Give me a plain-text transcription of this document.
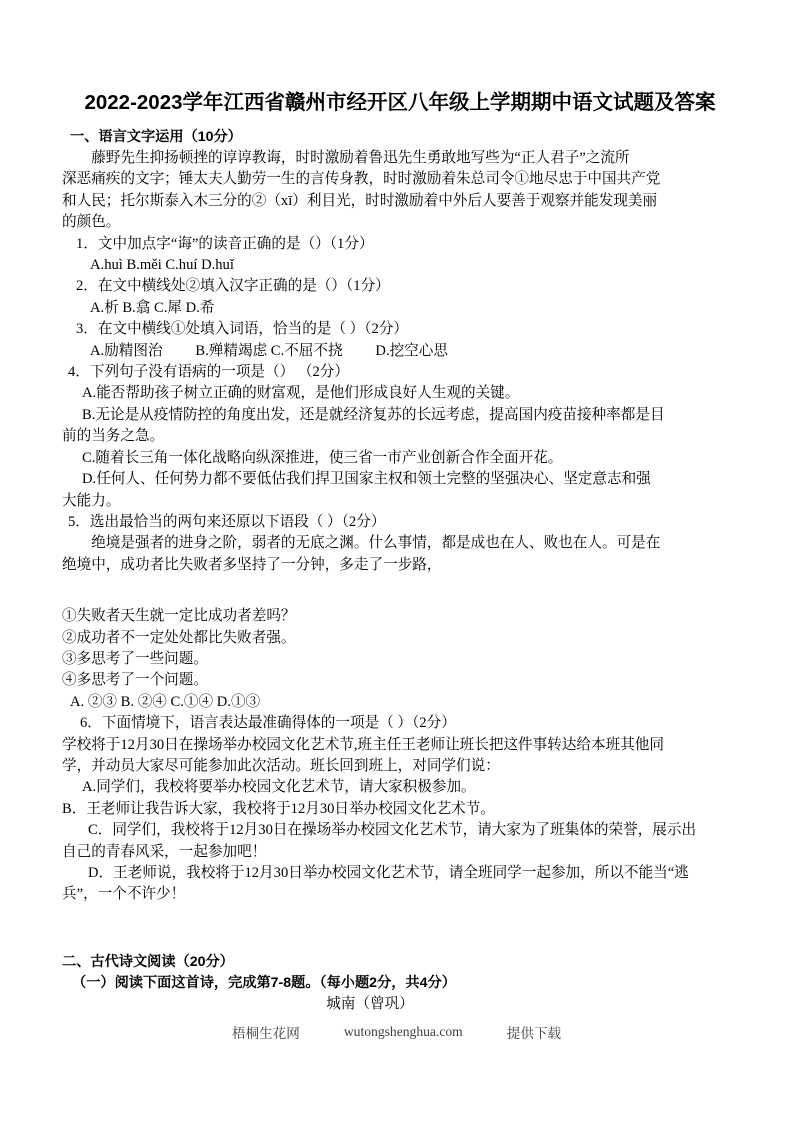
2022-2023学年江西省赣州市经开区八年级上学期期中语文试题及答案
一、语言文字运用（10分）

藤野先生抑扬顿挫的谆谆教诲，时时激励着鲁迅先生勇敢地写些为“正人君子”之流所

深恶痛疾的文字；锤太夫人勤劳一生的言传身教，时时激励着朱总司令①地尽忠于中国共产党

和人民；托尔斯泰入木三分的②（xī）利目光，时时激励着中外后人要善于观察并能发现美丽

的颜色。

1．文中加点字“诲”的读音正确的是（）（1分）

A.huì B.měi C.huí D.huǐ

2．在文中横线处②填入汉字正确的是（）（1分）

A.析 B.翕 C.犀 D.希

3．在文中横线①处填入词语，恰当的是（ ）（2分）

A.励精图治　　 B.殚精竭虑 C.不屈不挠　　 D.挖空心思

4．下列句子没有语病的一项是（） （2分）

A.能否帮助孩子树立正确的财富观，是他们形成良好人生观的关键。

B.无论是从疫情防控的角度出发，还是就经济复苏的长远考虑，提高国内疫苗接种率都是目

前的当务之急。

C.随着长三角一体化战略向纵深推进，使三省一市产业创新合作全面开花。

D.任何人、任何势力都不要低估我们捍卫国家主权和领土完整的坚强决心、坚定意志和强

大能力。

5．选出最恰当的两句来还原以下语段（ ）（2分）

绝境是强者的进身之阶，弱者的无底之渊。什么事情，都是成也在人、败也在人。可是在

绝境中，成功者比失败者多坚持了一分钟，多走了一步路，

①失败者天生就一定比成功者差吗？

②成功者不一定处处都比失败者强。

③多思考了一些问题。

④多思考了一个问题。

A. ②③ B. ②④ C.①④ D.①③

6．下面情境下，语言表达最准确得体的一项是（ ）（2分）

学校将于12月30日在操场举办校园文化艺术节,班主任王老师让班长把这件事转达给本班其他同

学，并动员大家尽可能参加此次活动。班长回到班上，对同学们说：

A.同学们，我校将要举办校园文化艺术节，请大家积极参加。

B．王老师让我告诉大家，我校将于12月30日举办校园文化艺术节。

C．同学们，我校将于12月30日在操场举办校园文化艺术节，请大家为了班集体的荣誉，展示出

自己的青春风采，一起参加吧！

D．王老师说，我校将于12月30日举办校园文化艺术节，请全班同学一起参加，所以不能当“逃

兵”，一个不许少！

二、古代诗文阅读（20分）
（一）阅读下面这首诗，完成第7-8题。（每小题2分，共4分）

城南（曾巩）

梧桐生花网	wutongshenghua.com	提供下载
